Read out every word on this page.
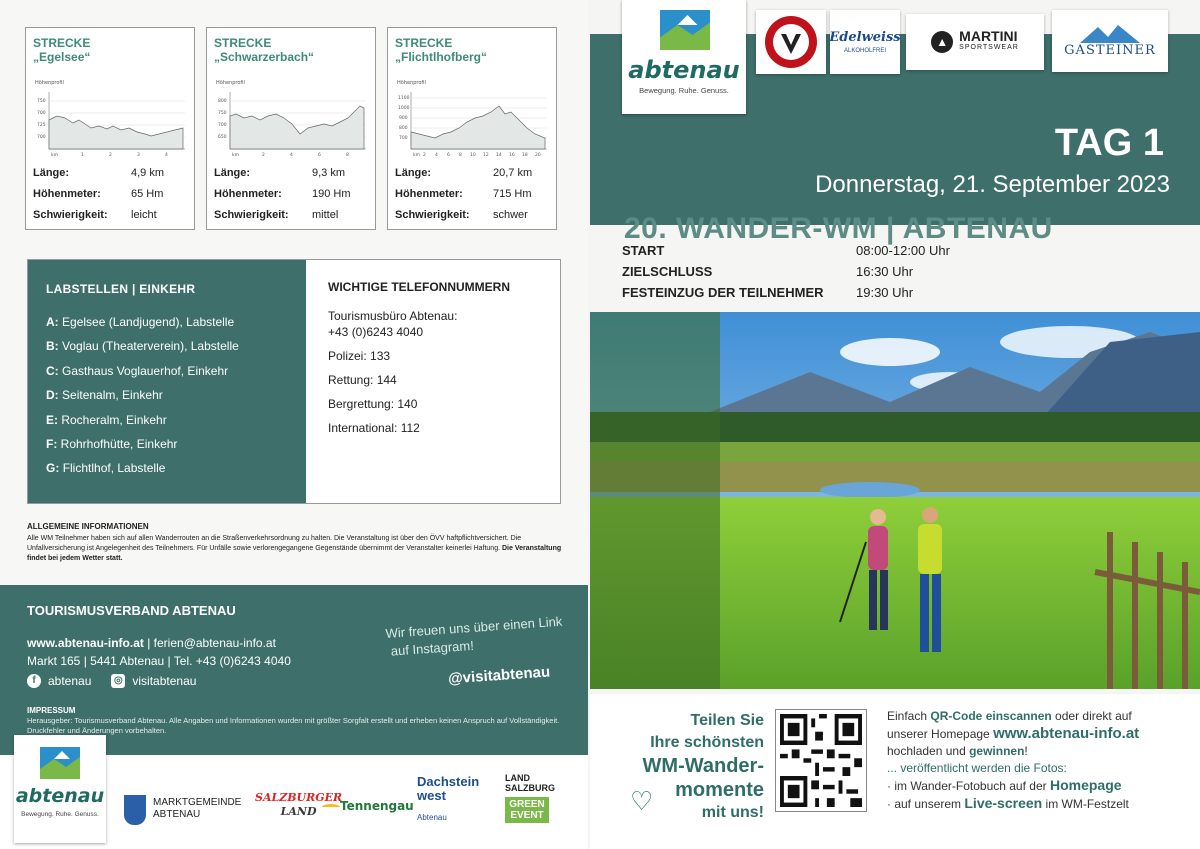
STRECKE
„Egelsee“
Höhenprofil
750
700
725
700
km	1	2	3	4
Länge:	4,9 km
Höhenmeter:	65 Hm
Schwierigkeit:	leicht
STRECKE
„Schwarzerbach“
Höhenprofil
800
750
700
650
km	2	4	6	8
Länge:	9,3 km
Höhenmeter:	190 Hm
Schwierigkeit:	mittel
STRECKE
„Flichtlhofberg“
Höhenprofil
1100
1000
900
800
700
km 2 4 6 8 10 12 14 16 18 20
Länge:	20,7 km
Höhenmeter:	715 Hm
Schwierigkeit:	schwer
LABSTELLEN | EINKEHR
A: Egelsee (Landjugend), Labstelle
B: Voglau (Theaterverein), Labstelle
C: Gasthaus Voglauerhof, Einkehr
D: Seitenalm, Einkehr
E: Rocheralm, Einkehr
F: Rohrhofhütte, Einkehr
G: Flichtlhof, Labstelle
WICHTIGE TELEFONNUMMERN
Tourismusbüro Abtenau:
+43 (0)6243 4040
Polizei: 133
Rettung: 144
Bergrettung: 140
International: 112
ALLGEMEINE INFORMATIONEN
Alle WM Teilnehmer haben sich auf allen Wanderrouten an die Straßenverkehrsordnung zu halten. Die Veranstaltung ist über den ÖVV haftpflichtversichert. Die Unfallversicherung ist Angelegenheit des Teilnehmers. Für Unfälle sowie verlorengegangene Gegenstände übernimmt der Veranstalter keinerlei Haftung. Die Veranstaltung findet bei jedem Wetter statt.
TOURISMUSVERBAND ABTENAU
www.abtenau-info.at | ferien@abtenau-info.at
Markt 165 | 5441 Abtenau | Tel. +43 (0)6243 4040
f	abtenau ◎ visitabtenau
Wir freuen uns über einen Link
auf Instagram!
@visitabtenau
IMPRESSUM
Herausgeber: Tourismusverband Abtenau. Alle Angaben und Informationen wurden mit größter Sorgfalt erstellt und erheben keinen Anspruch auf Vollständigkeit. Druckfehler und Änderungen vorbehalten.
abtenau
Bewegung. Ruhe. Genuss.
MARKTGEMEINDE
ABTENAU
SALZBURGER
LAND	Tennengau
Dachstein
west
Abtenau
LAND
SALZBURG
GREEN
EVENT
TAG 1
Donnerstag, 21. September 2023
20. WANDER-WM | ABTENAU
abtenau
Bewegung. Ruhe. Genuss.
Edelweiss
ALKOHOLFREI
▲ MARTINI
SPORTSWEAR	GASTEINER
START	08:00-12:00 Uhr
ZIELSCHLUSS	16:30 Uhr
FESTEINZUG DER TEILNEHMER	19:30 Uhr
Teilen Sie
Ihre schönsten
WM-Wander-
momente
mit uns!
♡
Einfach QR-Code einscannen oder direkt auf
unserer Homepage www.abtenau-info.at
hochladen und gewinnen!
... veröffentlicht werden die Fotos:
· im Wander-Fotobuch auf der Homepage
· auf unserem Live-screen im WM-Festzelt
